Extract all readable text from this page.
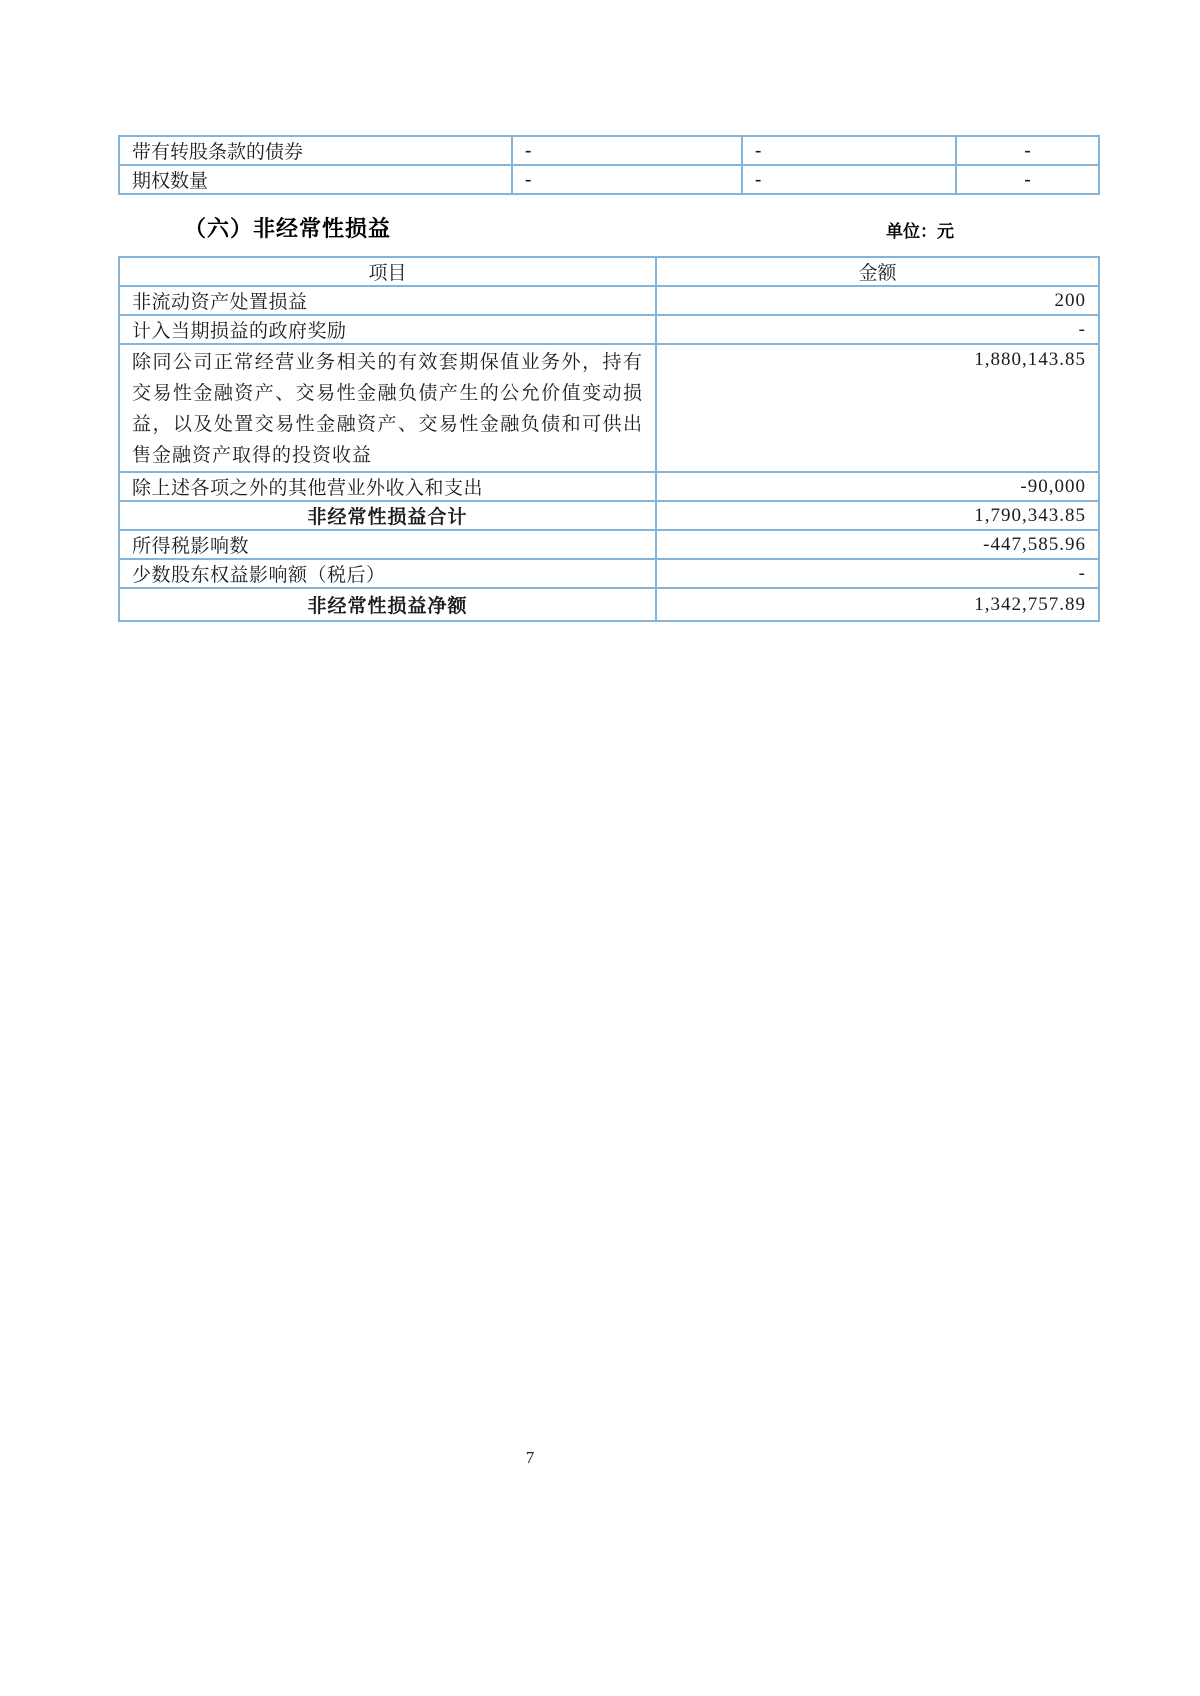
带有转股条款的债券	-	-	-
期权数量	-	-	-
（六）非经常性损益	单位：元
项目	金额
非流动资产处置损益	200
计入当期损益的政府奖励	-
除同公司正常经营业务相关的有效套期保值业务外，持有交易性金融资产、交易性金融负债产生的公允价值变动损益，以及处置交易性金融资产、交易性金融负债和可供出售金融资产取得的投资收益	1,880,143.85
除上述各项之外的其他营业外收入和支出	-90,000
非经常性损益合计	1,790,343.85
所得税影响数	-447,585.96
少数股东权益影响额（税后）	-
非经常性损益净额	1,342,757.89
7
